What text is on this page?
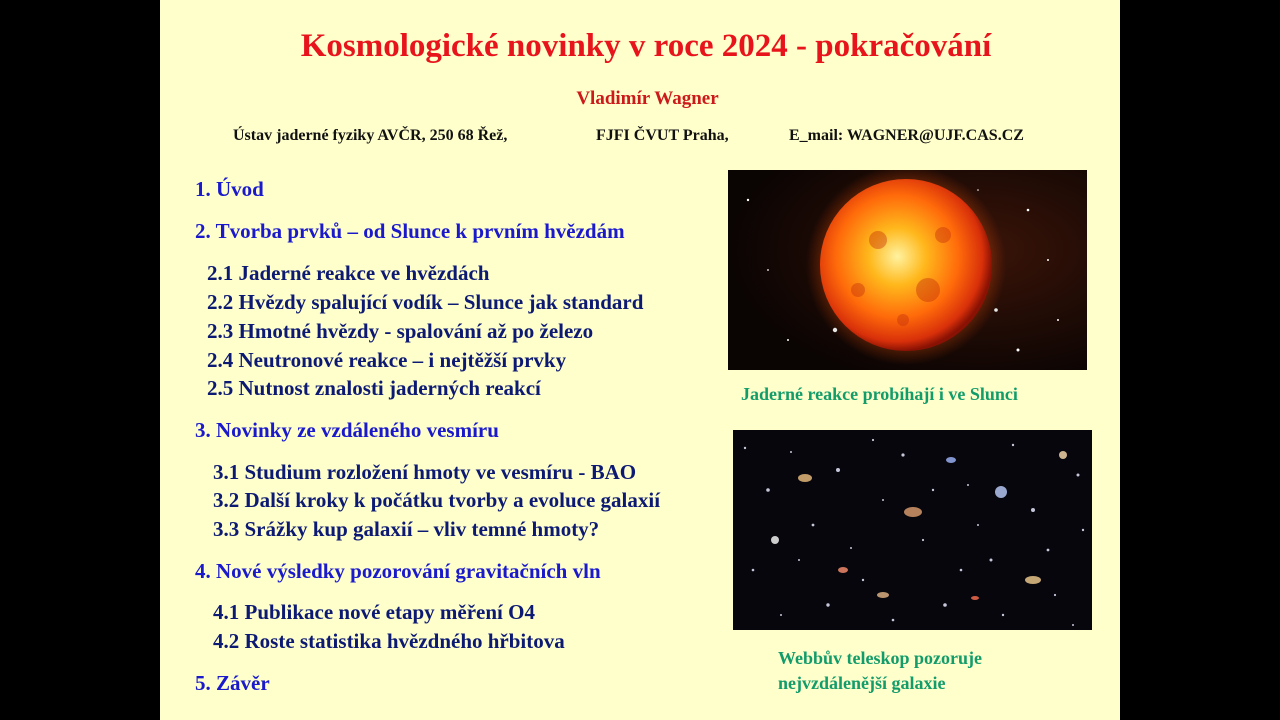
Kosmologické novinky v roce 2024 - pokračování
Vladimír Wagner
Ústav jaderné fyziky AVČR, 250 68 Řež,	FJFI ČVUT Praha,	E_mail: WAGNER@UJF.CAS.CZ
1. Úvod
2. Tvorba prvků – od Slunce k prvním hvězdám
2.1 Jaderné reakce ve hvězdách
2.2 Hvězdy spalující vodík – Slunce jak standard
2.3 Hmotné hvězdy - spalování až po železo
2.4 Neutronové reakce – i nejtěžší prvky
2.5 Nutnost znalosti jaderných reakcí
3. Novinky ze vzdáleného vesmíru
3.1 Studium rozložení hmoty ve vesmíru - BAO
3.2 Další kroky k počátku tvorby a evoluce galaxií
3.3 Srážky kup galaxií – vliv temné hmoty?
4. Nové výsledky pozorování gravitačních vln
4.1 Publikace nové etapy měření O4
4.2 Roste statistika hvězdného hřbitova
5. Závěr
Jaderné reakce probíhají i ve Slunci
Webbův teleskop pozoruje
nejvzdálenější galaxie
